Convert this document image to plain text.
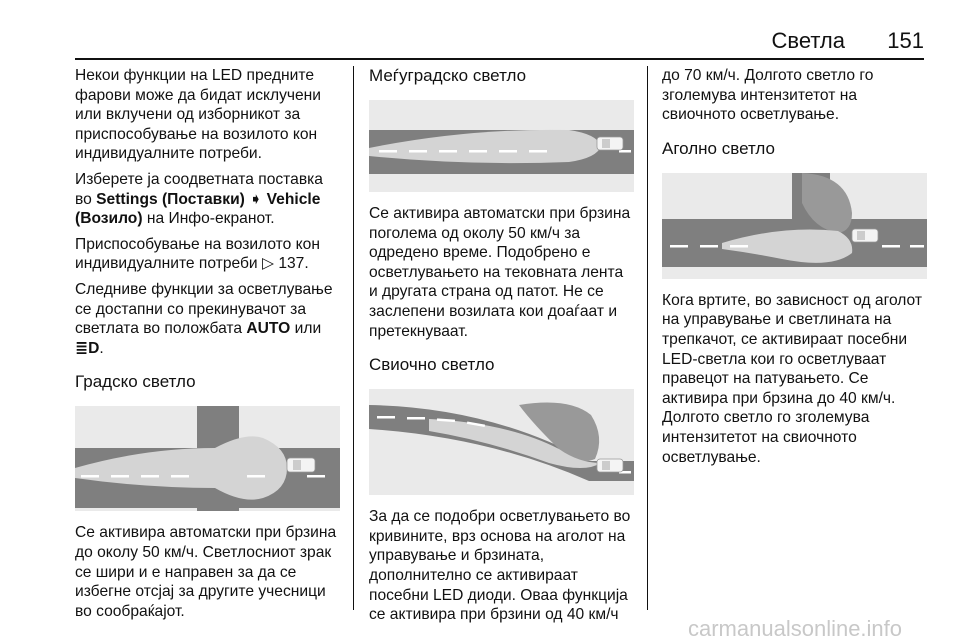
Светла 151

Некои функции на LED предните фарови може да бидат исклучени или вклучени од изборникот за приспособување на возилото кон индивидуалните потреби.

Изберете ја соодветната поставка во Settings (Поставки) ➧ Vehicle (Возило) на Инфо-екранот.

Приспособување на возилото кон индивидуалните потреби ▷ 137.

Следниве функции за осветлување се достапни со прекинувачот за светлата во положбата AUTO или ≣D.

Градско светло

Се активира автоматски при брзина до околу 50 км/ч. Светлосниот зрак се шири и е направен за да се избегне отсјај за другите учесници во сообраќајот.

Меѓуградско светло

Се активира автоматски при брзина поголема од околу 50 км/ч за одредено време. Подобрено е осветлувањето на тековната лента и другата страна од патот. Не се заслепени возилата кои доаѓаат и претекнуваат.

Свиочно светло

За да се подобри осветлувањето во кривините, врз основа на аголот на управување и брзината, дополнително се активираат посебни LED диоди. Оваа функција се активира при брзини од 40 км/ч

до 70 км/ч. Долгото светло го зголемува интензитетот на свиочното осветлување.

Аголно светло

Кога вртите, во зависност од аголот на управување и светлината на трепкачот, се активираат посебни LED-светла кои го осветлуваат правецот на патувањето. Се активира при брзина до 40 км/ч. Долгото светло го зголемува интензитетот на свиочното осветлување.

carmanualsonline.info
